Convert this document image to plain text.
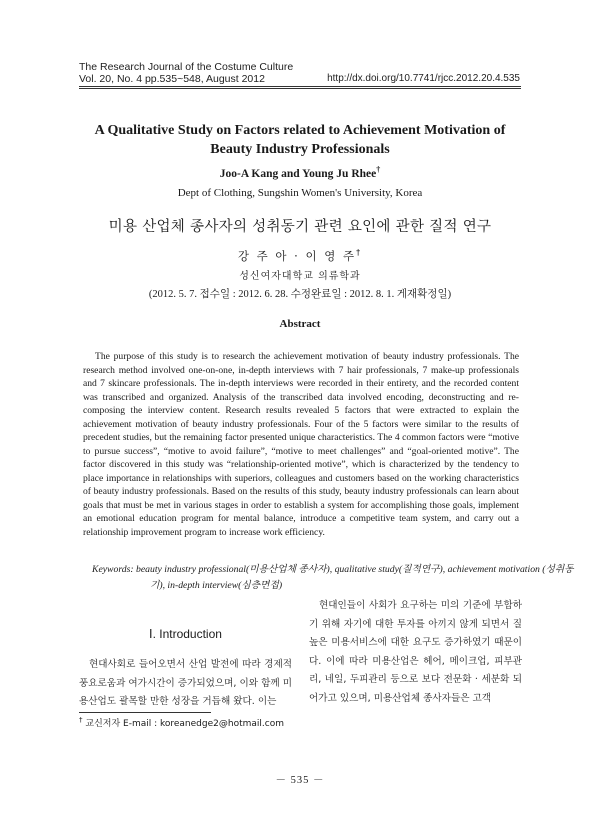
The Research Journal of the Costume Culture
Vol. 20, No. 4 pp.535~548, August 2012	http://dx.doi.org/10.7741/rjcc.2012.20.4.535
A Qualitative Study on Factors related to Achievement Motivation of Beauty Industry Professionals
Joo-A Kang and Young Ju Rhee†
Dept of Clothing, Sungshin Women's University, Korea
미용 산업체 종사자의 성취동기 관련 요인에 관한 질적 연구
강 주 아 · 이 영 주†
성신여자대학교 의류학과
(2012. 5. 7. 접수일 : 2012. 6. 28. 수정완료일 : 2012. 8. 1. 게재확정일)
Abstract

The purpose of this study is to research the achievement motivation of beauty industry professionals. The research method involved one-on-one, in-depth interviews with 7 hair professionals, 7 make-up professionals and 7 skincare professionals. The in-depth interviews were recorded in their entirety, and the recorded content was transcribed and organized. Analysis of the transcribed data involved encoding, deconstructing and re-composing the interview content. Research results revealed 5 factors that were extracted to explain the achievement motivation of beauty industry professionals. Four of the 5 factors were similar to the results of precedent studies, but the remaining factor presented unique characteristics. The 4 common factors were “motive to pursue success”, “motive to avoid failure”, “motive to meet challenges” and “goal-oriented motive”. The factor discovered in this study was “relationship-oriented motive”, which is characterized by the tendency to place importance in relationships with superiors, colleagues and customers based on the working characteristics of beauty industry professionals. Based on the results of this study, beauty industry professionals can learn about goals that must be met in various stages in order to establish a system for accomplishing those goals, implement an emotional education program for mental balance, introduce a competitive team system, and carry out a relationship improvement program to increase work efficiency.

Keywords: beauty industry professional(미용산업체 종사자), qualitative study(질적연구), achievement motivation (성취동기), in-depth interview(심층면접)
Ⅰ. Introduction

현대사회로 들어오면서 산업 발전에 따라 경제적 풍요로움과 여가시간이 증가되었으며, 이와 함께 미용산업도 괄목할 만한 성장을 거듭해 왔다. 이는

현대인들이 사회가 요구하는 미의 기준에 부합하기 위해 자기에 대한 투자를 아끼지 않게 되면서 질 높은 미용서비스에 대한 요구도 증가하였기 때문이다. 이에 따라 미용산업은 헤어, 메이크업, 피부관리, 네일, 두피관리 등으로 보다 전문화 · 세분화 되어가고 있으며, 미용산업체 종사자들은 고객

† 교신저자 E-mail : koreanedge2@hotmail.com
－ 535 －
